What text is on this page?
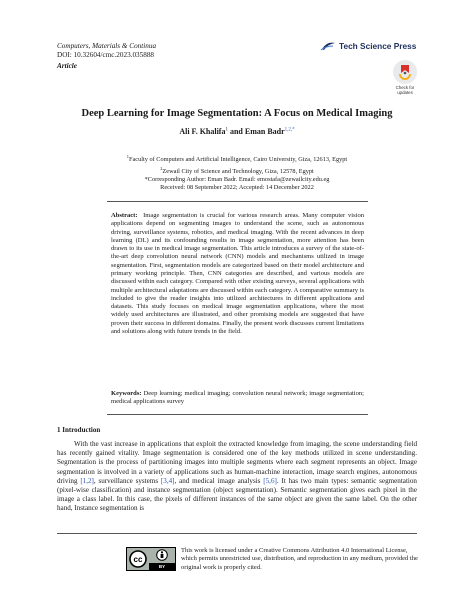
Computers, Materials & Continua
DOI: 10.32604/cmc.2023.035888
Article
Tech Science Press
Check for
updates
Deep Learning for Image Segmentation: A Focus on Medical Imaging
Ali F. Khalifa$^1$ and Eman Badr$^{1,2,*}$
$^1$Faculty of Computers and Artificial Intelligence, Cairo University, Giza, 12613, Egypt
$^2$Zewail City of Science and Technology, Giza, 12578, Egypt
*Corresponding Author: Eman Badr. Email: emostafa@zewailcity.edu.eg
Received: 08 September 2022; Accepted: 14 December 2022
Abstract: Image segmentation is crucial for various research areas. Many computer vision applications depend on segmenting images to understand the scene, such as autonomous driving, surveillance systems, robotics, and medical imaging. With the recent advances in deep learning (DL) and its confounding results in image segmentation, more attention has been drawn to its use in medical image segmentation. This article introduces a survey of the state-of-the-art deep convolution neural network (CNN) models and mechanisms utilized in image segmentation. First, segmentation models are categorized based on their model architecture and primary working principle. Then, CNN categories are described, and various models are discussed within each category. Compared with other existing surveys, several applications with multiple architectural adaptations are discussed within each category. A comparative summary is included to give the reader insights into utilized architectures in different applications and datasets. This study focuses on medical image segmentation applications, where the most widely used architectures are illustrated, and other promising models are suggested that have proven their success in different domains. Finally, the present work discusses current limitations and solutions along with future trends in the field.
Keywords: Deep learning; medical imaging; convolution neural network; image segmentation; medical applications survey
1 Introduction

With the vast increase in applications that exploit the extracted knowledge from imaging, the scene understanding field has recently gained vitality. Image segmentation is considered one of the key methods utilized in scene understanding. Segmentation is the process of partitioning images into multiple segments where each segment represents an object. Image segmentation is involved in a variety of applications such as human-machine interaction, image search engines, autonomous driving [1,2], surveillance systems [3,4], and medical image analysis [5,6]. It has two main types: semantic segmentation (pixel-wise classification) and instance segmentation (object segmentation). Semantic segmentation gives each pixel in the image a class label. In this case, the pixels of different instances of the same object are given the same label. On the other hand, Instance segmentation is

cc
BY
This work is licensed under a Creative Commons Attribution 4.0 International License, which permits unrestricted use, distribution, and reproduction in any medium, provided the original work is properly cited.
